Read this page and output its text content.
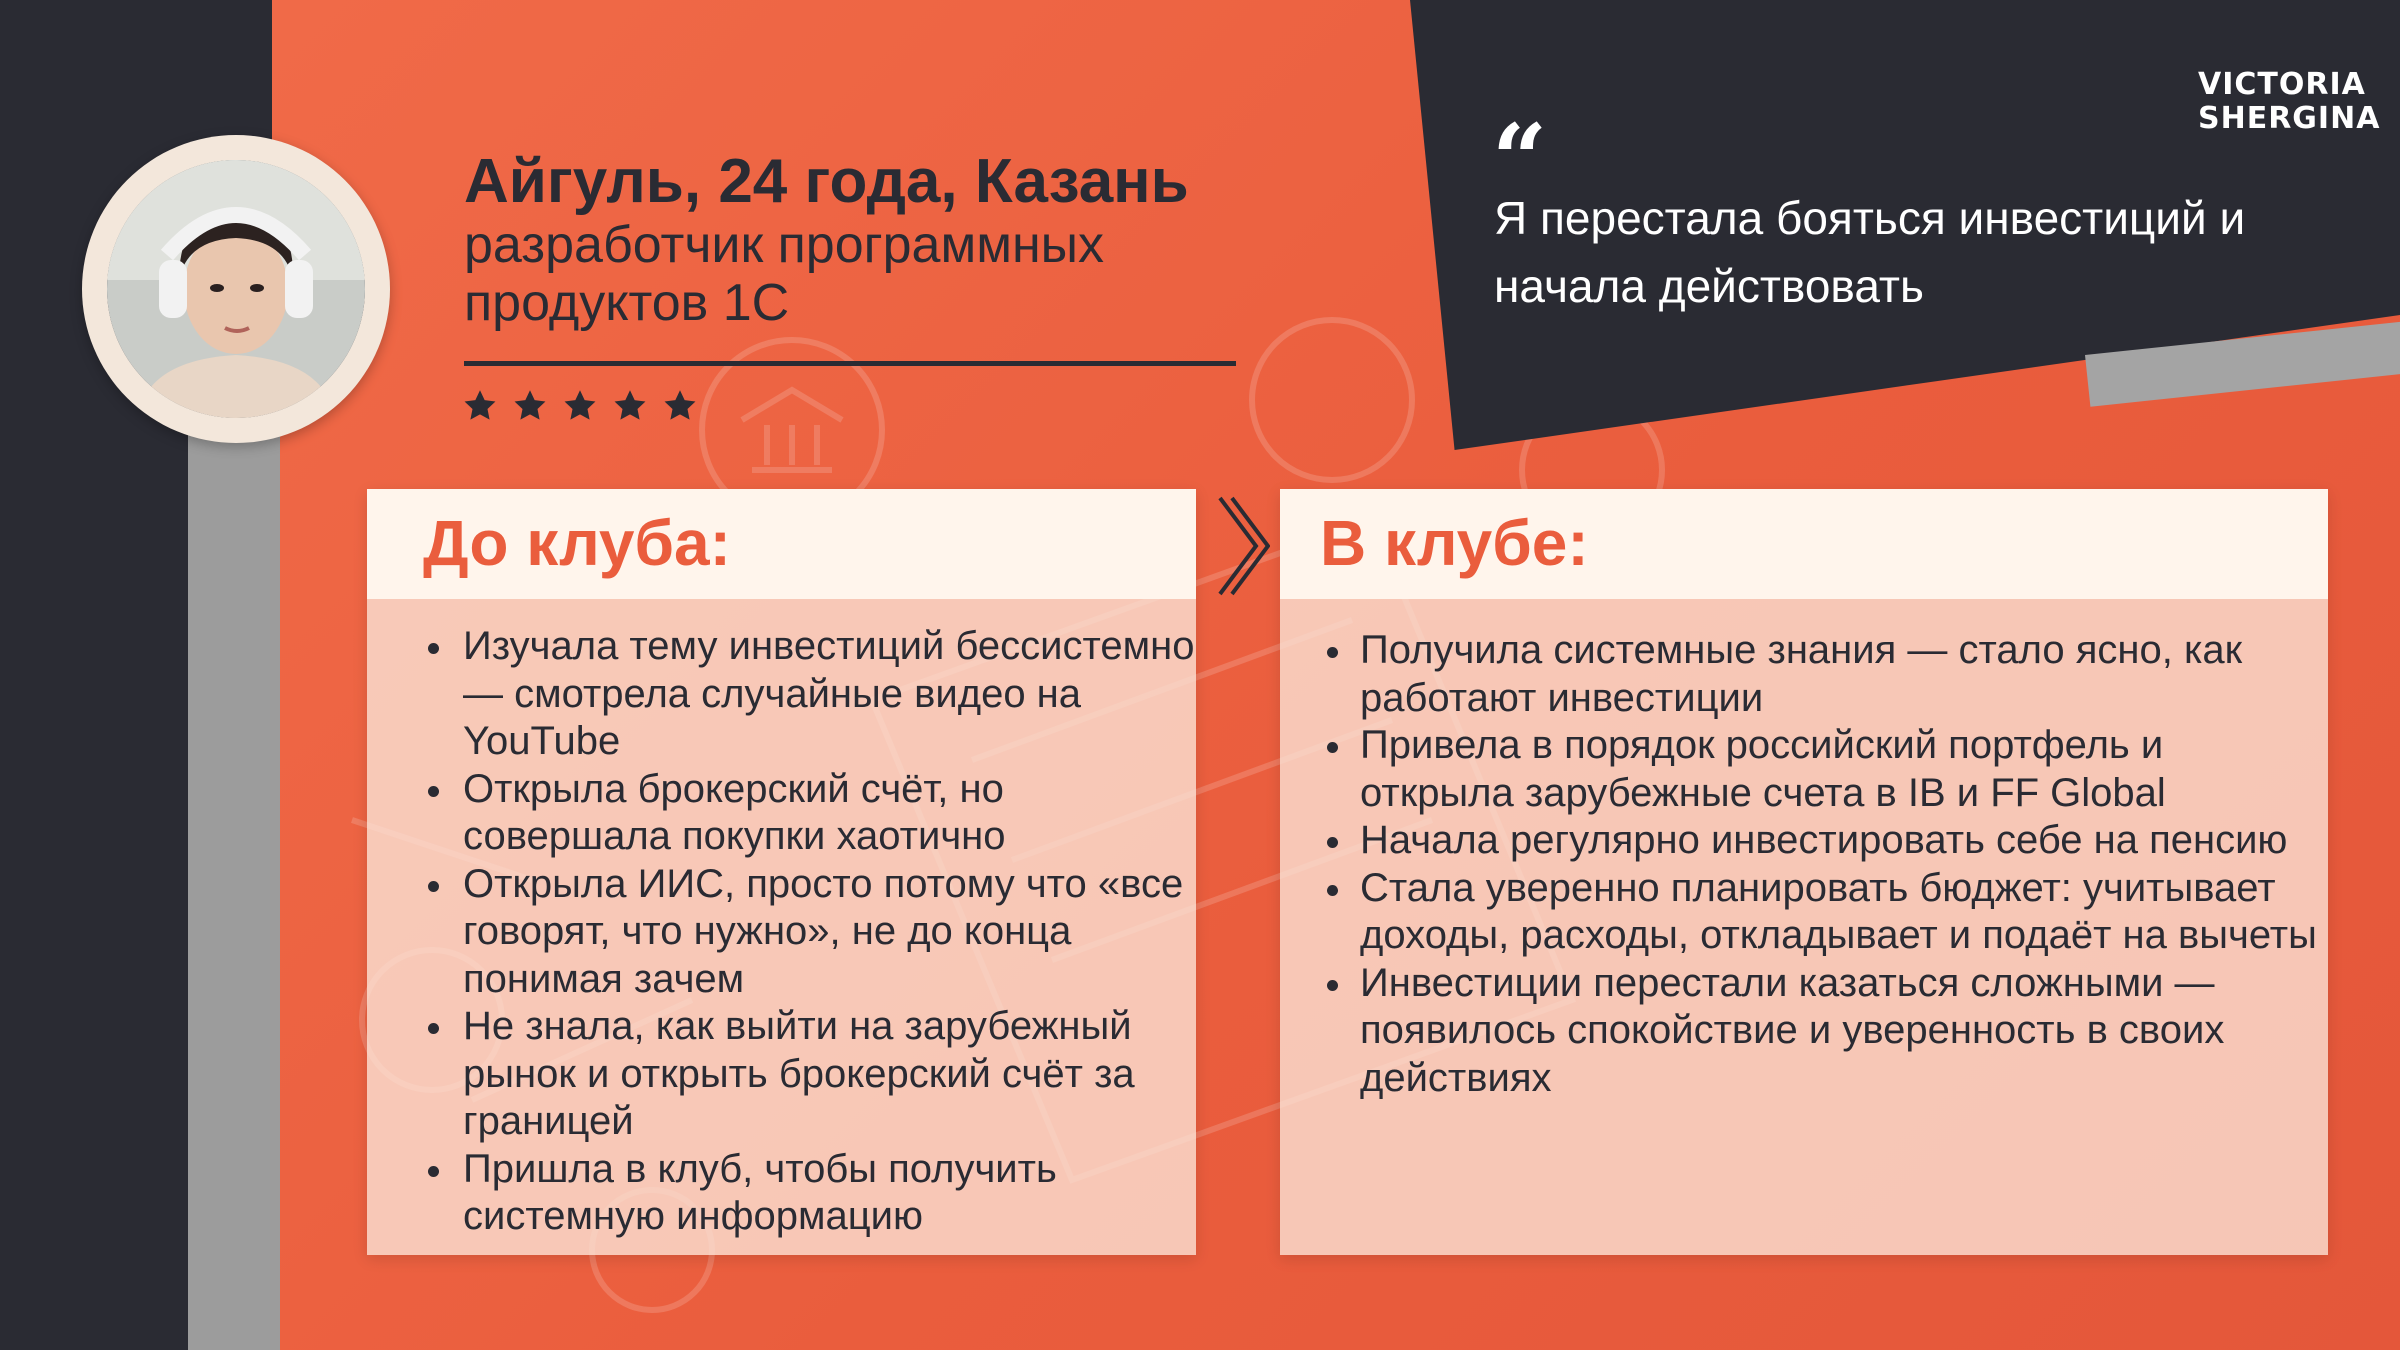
VICTORIA
SHERGINA
“
Я перестала бояться инвестиций и начала действовать
Айгуль, 24 года, Казань
разработчик программных продуктов 1С
До клуба:
Изучала тему инвестиций бессистемно — смотрела случайные видео на YouTube
Открыла брокерский счёт, но совершала покупки хаотично
Открыла ИИС, просто потому что «все говорят, что нужно», не до конца понимая зачем
Не знала, как выйти на зарубежный рынок и открыть брокерский счёт за границей
Пришла в клуб, чтобы получить системную информацию
В клубе:
Получила системные знания — стало ясно, как работают инвестиции
Привела в порядок российский портфель и открыла зарубежные счета в IB и FF Global
Начала регулярно инвестировать себе на пенсию
Стала уверенно планировать бюджет: учитывает доходы, расходы, откладывает и подаёт на вычеты
Инвестиции перестали казаться сложными — появилось спокойствие и уверенность в своих действиях
